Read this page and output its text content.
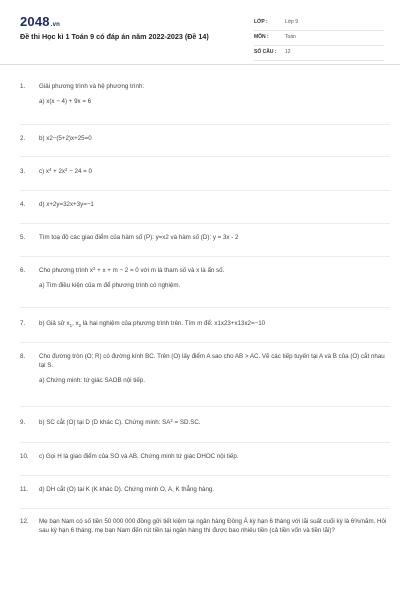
2048.vn
Đề thi Học kì 1 Toán 9 có đáp án năm 2022-2023 (Đề 14)
LỚP :	Lớp 9
MÔN :	Toán
SỐ CÂU : 12
1.	Giải phương trình và hệ phương trình:
a) x(x − 4) + 9x = 6
2.	b) x2−(5+2)x+25=0
3.	c) $x^4 + 2x^2 - 24 = 0$
4.	d) x+2y=32x+3y=−1
5.	Tìm toạ độ các giao điểm của hàm số (P): y=x2 và hàm số (D): y = 3x - 2
6.	Cho phương trình $x^2 + x + m - 2 = 0$ với m là tham số và x là ẩn số.
a) Tìm điều kiện của m để phương trình có nghiệm.
7.	b) Giả sử $x_1$, $x_2$ là hai nghiệm của phương trình trên. Tìm m để: x1x23+x13x2=−10
8.	Cho đường tròn (O; R) có đường kính BC. Trên (O) lấy điểm A sao cho AB > AC. Vẽ các tiếp tuyến tại A và B của (O) cắt nhau tại S.
a) Chứng minh: tứ giác SAOB nội tiếp.
9.	b) SC cắt (O) tại D (D khác C). Chứng minh: $SA^2 = SD.SC$.
10.	c) Gọi H là giao điểm của SO và AB. Chứng minh tứ giác DHOC nội tiếp.
11.	d) DH cắt (O) tại K (K khác D). Chứng minh O, A, K thẳng hàng.
12.	Mẹ bạn Nam có số tiền 50 000 000 đồng gửi tiết kiệm tại ngân hàng Đông Á kỳ hạn 6 tháng với lãi suất cuối kỳ là 6%/năm. Hỏi sau kỳ hạn 6 tháng, mẹ bạn Nam đến rút tiền tại ngân hàng thì được bao nhiêu tiền (cả tiền vốn và tiền lãi)?
